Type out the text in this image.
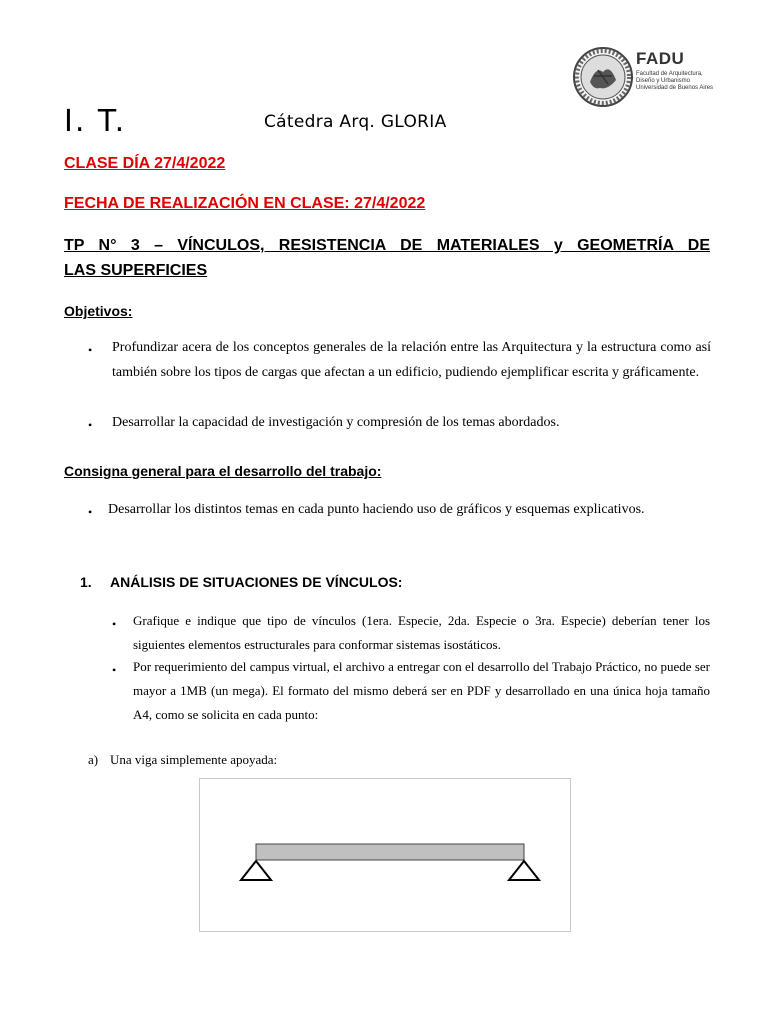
FADU
Facultad de Arquitectura,
Diseño y Urbanismo
Universidad de Buenos Aires
I. T.	Cátedra Arq. GLORIA
CLASE DÍA 27/4/2022
FECHA DE REALIZACIÓN EN CLASE: 27/4/2022
TP N° 3 – VÍNCULOS, RESISTENCIA DE MATERIALES y GEOMETRÍA DE
LAS SUPERFICIES
Objetivos:
• Profundizar acera de los conceptos generales de la relación entre las Arquitectura y la estructura como así también sobre los tipos de cargas que afectan a un edificio, pudiendo ejemplificar escrita y gráficamente.
• Desarrollar la capacidad de investigación y compresión de los temas abordados.
Consigna general para el desarrollo del trabajo:
• Desarrollar los distintos temas en cada punto haciendo uso de gráficos y esquemas explicativos.
1. ANÁLISIS DE SITUACIONES DE VÍNCULOS:
• Grafique e indique que tipo de vínculos (1era. Especie, 2da. Especie o 3ra. Especie) deberían tener los siguientes elementos estructurales para conformar sistemas isostáticos.
• Por requerimiento del campus virtual, el archivo a entregar con el desarrollo del Trabajo Práctico, no puede ser mayor a 1MB (un mega). El formato del mismo deberá ser en PDF y desarrollado en una única hoja tamaño A4, como se solicita en cada punto:
a) Una viga simplemente apoyada:
